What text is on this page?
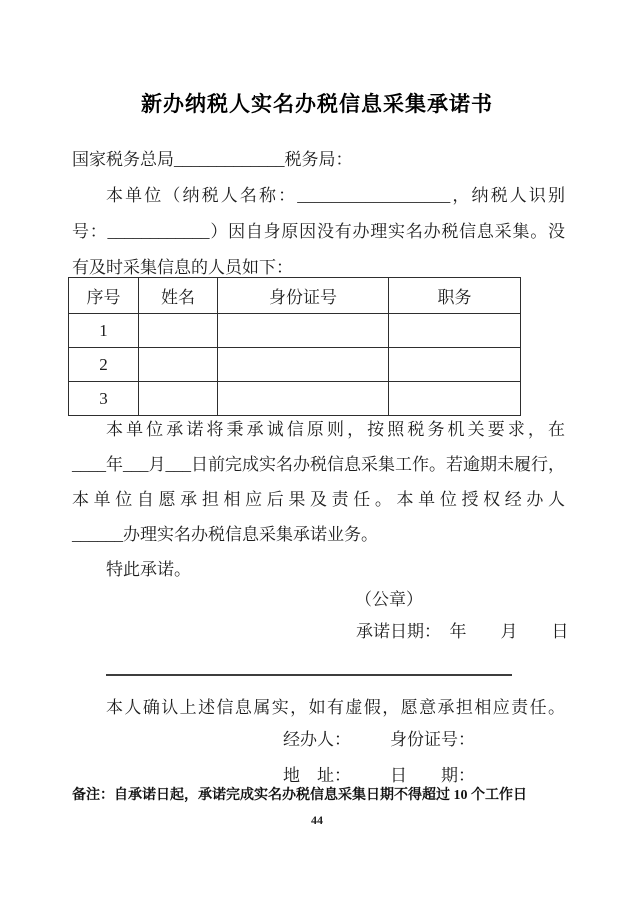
新办纳税人实名办税信息采集承诺书
国家税务总局_____________税务局：
本单位（纳税人名称：__________________，纳税人识别
号：____________）因自身原因没有办理实名办税信息采集。没
有及时采集信息的人员如下：
序号	姓名	身份证号	职务
1			
2			
3			
本单位承诺将秉承诚信原则，按照税务机关要求，在
____年___月___日前完成实名办税信息采集工作。若逾期未履行，
本单位自愿承担相应后果及责任。本单位授权经办人
______办理实名办税信息采集承诺业务。
特此承诺。
（公章）
承诺日期：　年　　月　　日
本人确认上述信息属实，如有虚假，愿意承担相应责任。
经办人： 身份证号：
地　址： 日　　期：
备注：自承诺日起，承诺完成实名办税信息采集日期不得超过 10 个工作日
44
